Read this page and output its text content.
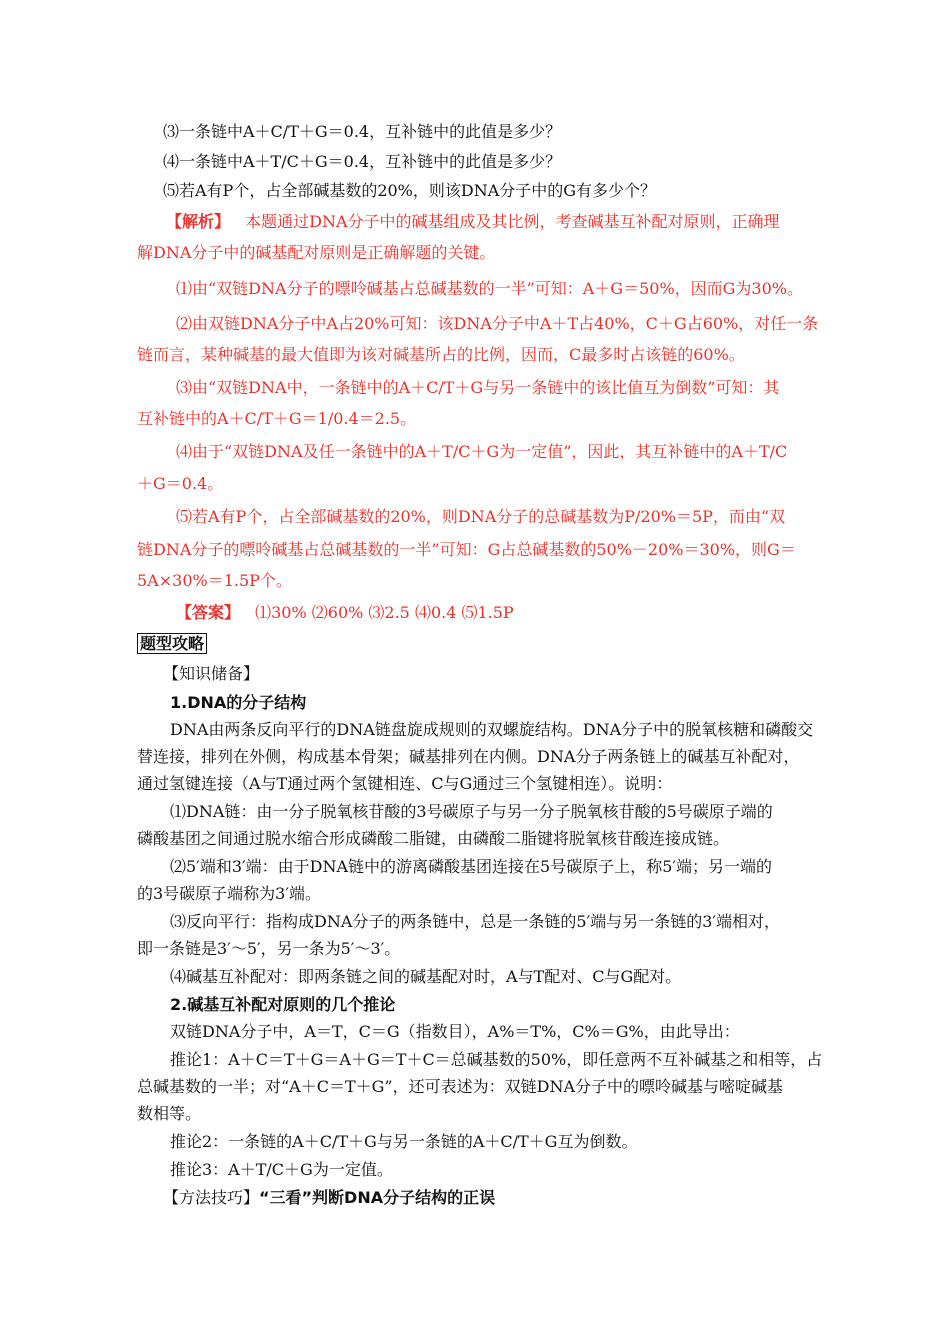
⑶一条链中A＋C/T＋G＝0.4，互补链中的此值是多少？
⑷一条链中A＋T/C＋G＝0.4，互补链中的此值是多少？
⑸若A有P个，占全部碱基数的20%，则该DNA分子中的G有多少个？
【解析】 本题通过DNA分子中的碱基组成及其比例，考查碱基互补配对原则，正确理
解DNA分子中的碱基配对原则是正确解题的关键。
⑴由“双链DNA分子的嘌呤碱基占总碱基数的一半”可知：A＋G＝50%，因而G为30%。
⑵由双链DNA分子中A占20%可知：该DNA分子中A＋T占40%，C＋G占60%，对任一条
链而言，某种碱基的最大值即为该对碱基所占的比例，因而，C最多时占该链的60%。
⑶由“双链DNA中，一条链中的A＋C/T＋G与另一条链中的该比值互为倒数”可知：其
互补链中的A＋C/T＋G＝1/0.4＝2.5。
⑷由于“双链DNA及任一条链中的A＋T/C＋G为一定值”，因此，其互补链中的A＋T/C
＋G＝0.4。
⑸若A有P个，占全部碱基数的20%，则DNA分子的总碱基数为P/20%＝5P，而由“双
链DNA分子的嘌呤碱基占总碱基数的一半”可知：G占总碱基数的50%－20%＝30%，则G＝
5A×30%＝1.5P个。
【答案】 ⑴30% ⑵60% ⑶2.5 ⑷0.4 ⑸1.5P
题型攻略
【知识储备】
1.DNA的分子结构
DNA由两条反向平行的DNA链盘旋成规则的双螺旋结构。DNA分子中的脱氧核糖和磷酸交
替连接，排列在外侧，构成基本骨架；碱基排列在内侧。DNA分子两条链上的碱基互补配对，
通过氢键连接（A与T通过两个氢键相连、C与G通过三个氢键相连）。说明：
⑴DNA链：由一分子脱氧核苷酸的3号碳原子与另一分子脱氧核苷酸的5号碳原子端的
磷酸基团之间通过脱水缩合形成磷酸二脂键，由磷酸二脂键将脱氧核苷酸连接成链。
⑵5′端和3′端：由于DNA链中的游离磷酸基团连接在5号碳原子上，称5′端；另一端的
的3号碳原子端称为3′端。
⑶反向平行：指构成DNA分子的两条链中，总是一条链的5′端与另一条链的3′端相对，
即一条链是3′～5′，另一条为5′～3′。
⑷碱基互补配对：即两条链之间的碱基配对时，A与T配对、C与G配对。
2.碱基互补配对原则的几个推论
双链DNA分子中，A＝T，C＝G（指数目），A%＝T%，C%＝G%，由此导出：
推论1：A＋C＝T＋G＝A＋G＝T＋C＝总碱基数的50%，即任意两不互补碱基之和相等，占
总碱基数的一半；对“A＋C＝T＋G”，还可表述为：双链DNA分子中的嘌呤碱基与嘧啶碱基
数相等。
推论2：一条链的A＋C/T＋G与另一条链的A＋C/T＋G互为倒数。
推论3：A＋T/C＋G为一定值。
【方法技巧】“三看”判断DNA分子结构的正误
